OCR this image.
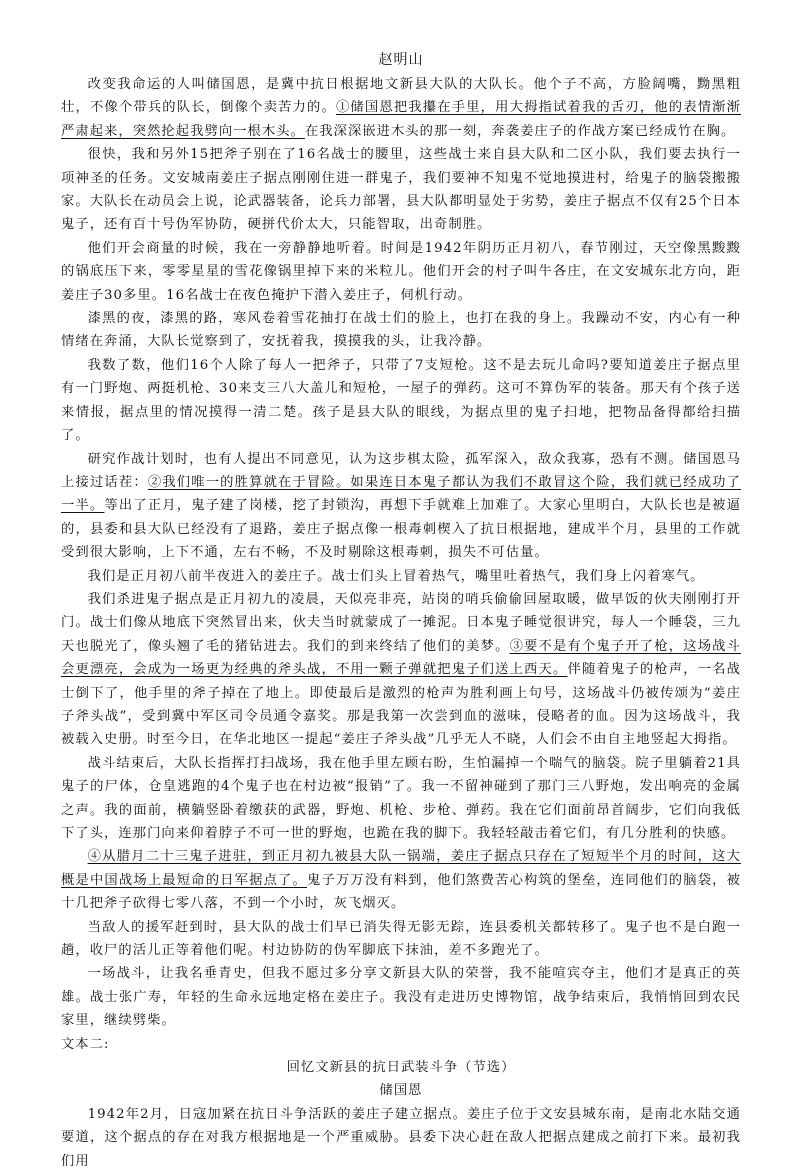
赵明山

改变我命运的人叫储国恩，是冀中抗日根据地文新县大队的大队长。他个子不高，方脸阔嘴，黝黑粗壮，不像个带兵的队长，倒像个卖苦力的。①储国恩把我攥在手里，用大拇指试着我的舌刃，他的表情渐渐严肃起来，突然抡起我劈向一根木头。在我深深嵌进木头的那一刻，奔袭姜庄子的作战方案已经成竹在胸。

很快，我和另外15把斧子别在了16名战士的腰里，这些战士来自县大队和二区小队，我们要去执行一项神圣的任务。文安城南姜庄子据点刚刚住进一群鬼子，我们要神不知鬼不觉地摸进村，给鬼子的脑袋搬搬家。大队长在动员会上说，论武器装备，论兵力部署，县大队都明显处于劣势，姜庄子据点不仅有25个日本鬼子，还有百十号伪军协防，硬拼代价太大，只能智取，出奇制胜。

他们开会商量的时候，我在一旁静静地听着。时间是1942年阴历正月初八，春节刚过，天空像黑黢黢的锅底压下来，零零星星的雪花像锅里掉下来的米粒儿。他们开会的村子叫牛各庄，在文安城东北方向，距姜庄子30多里。16名战士在夜色掩护下潜入姜庄子，伺机行动。

漆黑的夜，漆黑的路，寒风卷着雪花抽打在战士们的脸上，也打在我的身上。我躁动不安，内心有一种情绪在奔涌，大队长觉察到了，安抚着我，摸摸我的头，让我冷静。

我数了数，他们16个人除了每人一把斧子，只带了7支短枪。这不是去玩儿命吗?要知道姜庄子据点里有一门野炮、两挺机枪、30来支三八大盖儿和短枪，一屋子的弹药。这可不算伪军的装备。那天有个孩子送来情报，据点里的情况摸得一清二楚。孩子是县大队的眼线，为据点里的鬼子扫地，把物品备得都给扫描了。

研究作战计划时，也有人提出不同意见，认为这步棋太险，孤军深入，敌众我寡，恐有不测。储国恩马上接过话茬：②我们唯一的胜算就在于冒险。如果连日本鬼子都认为我们不敢冒这个险，我们就已经成功了一半。等出了正月，鬼子建了岗楼，挖了封锁沟，再想下手就难上加难了。大家心里明白，大队长也是被逼的，县委和县大队已经没有了退路，姜庄子据点像一根毒刺楔入了抗日根据地，建成半个月，县里的工作就受到很大影响，上下不通，左右不畅，不及时剔除这根毒刺，损失不可估量。

我们是正月初八前半夜进入的姜庄子。战士们头上冒着热气，嘴里吐着热气，我们身上闪着寒气。

我们杀进鬼子据点是正月初九的凌晨，天似亮非亮，站岗的哨兵偷偷回屋取暖，做早饭的伙夫刚刚打开门。战士们像从地底下突然冒出来，伙夫当时就蒙成了一摊泥。日本鬼子睡觉很讲究，每人一个睡袋，三九天也脱光了，像头翘了毛的猪钻进去。我们的到来终结了他们的美梦。③要不是有个鬼子开了枪，这场战斗会更漂亮，会成为一场更为经典的斧头战，不用一颗子弹就把鬼子们送上西天。伴随着鬼子的枪声，一名战士倒下了，他手里的斧子掉在了地上。即使最后是激烈的枪声为胜利画上句号，这场战斗仍被传颂为“姜庄子斧头战”，受到冀中军区司令员通令嘉奖。那是我第一次尝到血的滋味，侵略者的血。因为这场战斗，我被载入史册。时至今日，在华北地区一提起“姜庄子斧头战”几乎无人不晓，人们会不由自主地竖起大拇指。

战斗结束后，大队长指挥打扫战场，我在他手里左顾右盼，生怕漏掉一个喘气的脑袋。院子里躺着21具鬼子的尸体，仓皇逃跑的4个鬼子也在村边被“报销”了。我一不留神碰到了那门三八野炮，发出响亮的金属之声。我的面前，横躺竖卧着缴获的武器，野炮、机枪、步枪、弹药。我在它们面前昂首阔步，它们向我低下了头，连那门向来仰着脖子不可一世的野炮，也跪在我的脚下。我轻轻敲击着它们，有几分胜利的快感。

④从腊月二十三鬼子进驻，到正月初九被县大队一锅端，姜庄子据点只存在了短短半个月的时间，这大概是中国战场上最短命的日军据点了。鬼子万万没有料到，他们煞费苦心构筑的堡垒，连同他们的脑袋，被十几把斧子砍得七零八落，不到一个小时，灰飞烟灭。

当敌人的援军赶到时，县大队的战士们早已消失得无影无踪，连县委机关都转移了。鬼子也不是白跑一趟，收尸的活儿正等着他们呢。村边协防的伪军脚底下抹油，差不多跑光了。

一场战斗，让我名垂青史，但我不愿过多分享文新县大队的荣誉，我不能喧宾夺主，他们才是真正的英雄。战士张广寿，年轻的生命永远地定格在姜庄子。我没有走进历史博物馆，战争结束后，我悄悄回到农民家里，继续劈柴。

文本二:
回忆文新县的抗日武装斗争（节选）
储国恩

1942年2月，日寇加紧在抗日斗争活跃的姜庄子建立据点。姜庄子位于文安县城东南，是南北水陆交通要道，这个据点的存在对我方根据地是一个严重威胁。县委下决心赶在敌人把据点建成之前打下来。最初我们用
